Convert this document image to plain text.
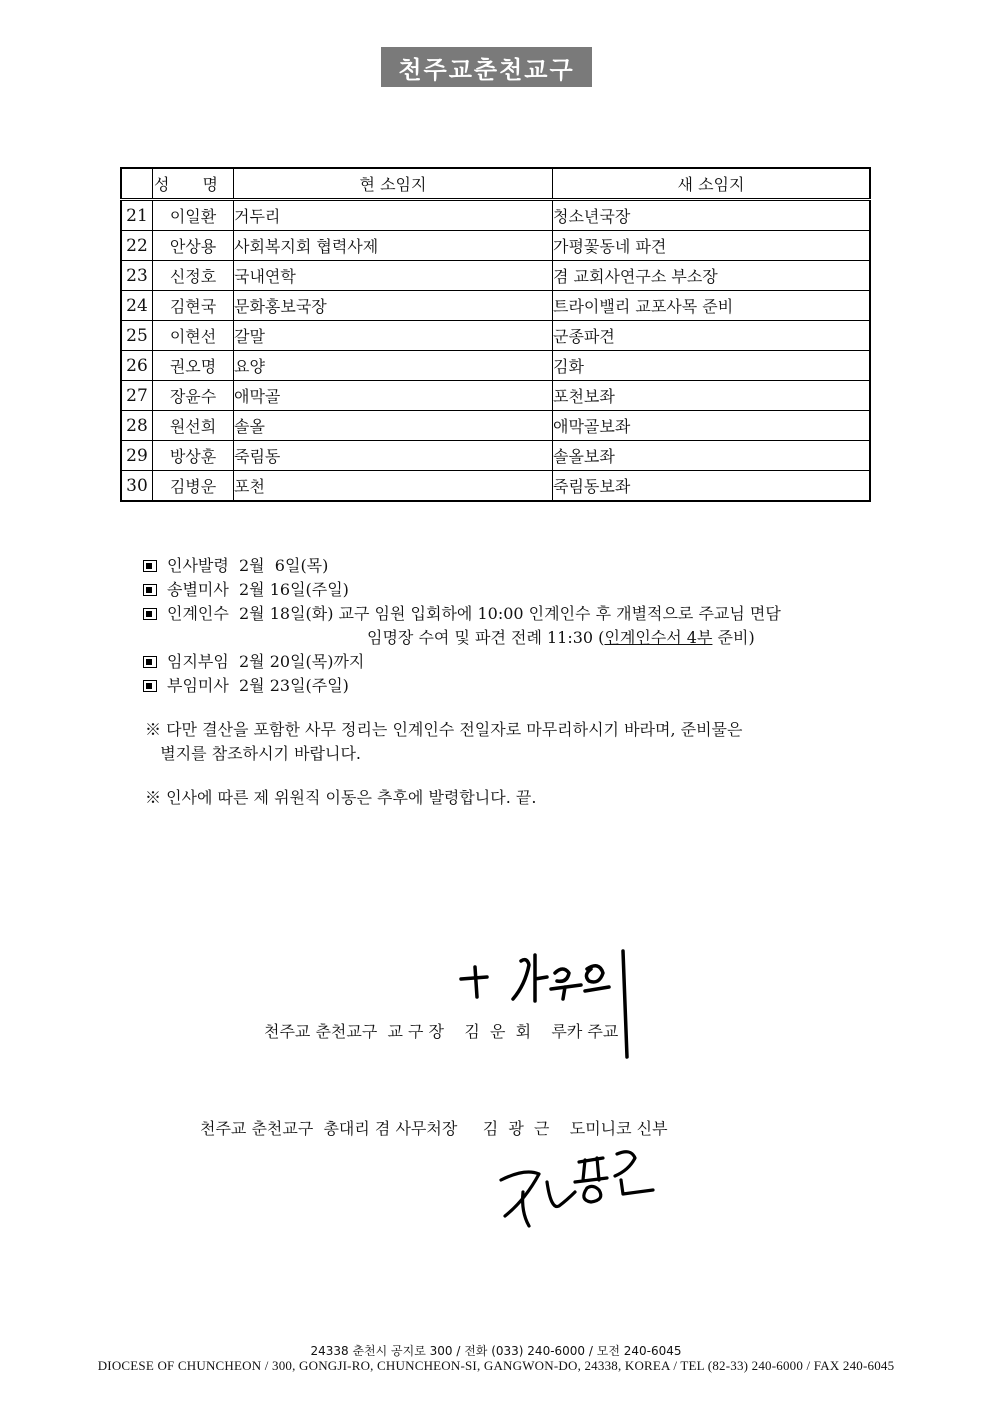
천주교춘천교구
	성 명	현 소임지	새 소임지
21	이일환	거두리	청소년국장
22	안상용	사회복지회 협력사제	가평꽃동네 파견
23	신정호	국내연학	겸 교회사연구소 부소장
24	김현국	문화홍보국장	트라이밸리 교포사목 준비
25	이현선	갈말	군종파견
26	권오명	요양	김화
27	장윤수	애막골	포천보좌
28	원선희	솔올	애막골보좌
29	방상훈	죽림동	솔올보좌
30	김병운	포천	죽림동보좌
인사발령  2월  6일(목)
송별미사  2월 16일(주일)
인계인수  2월 18일(화) 교구 임원 입회하에 10:00 인계인수 후 개별적으로 주교님 면담
임명장 수여 및 파견 전례 11:30 (인계인수서 4부 준비)
임지부임  2월 20일(목)까지
부임미사  2월 23일(주일)
※ 다만 결산을 포함한 사무 정리는 인계인수 전일자로 마무리하시기 바라며, 준비물은
별지를 참조하시기 바랍니다.
※ 인사에 따른 제 위원직 이동은 추후에 발령합니다. 끝.
천주교 춘천교구  교 구 장    김  운  회    루카 주교
천주교 춘천교구  총대리 겸 사무처장     김  광  근    도미니코 신부
24338 춘천시 공지로 300 / 전화 (033) 240-6000 / 모전 240-6045
DIOCESE OF CHUNCHEON / 300, GONGJI-RO, CHUNCHEON-SI, GANGWON-DO, 24338, KOREA / TEL (82-33) 240-6000 / FAX 240-6045
